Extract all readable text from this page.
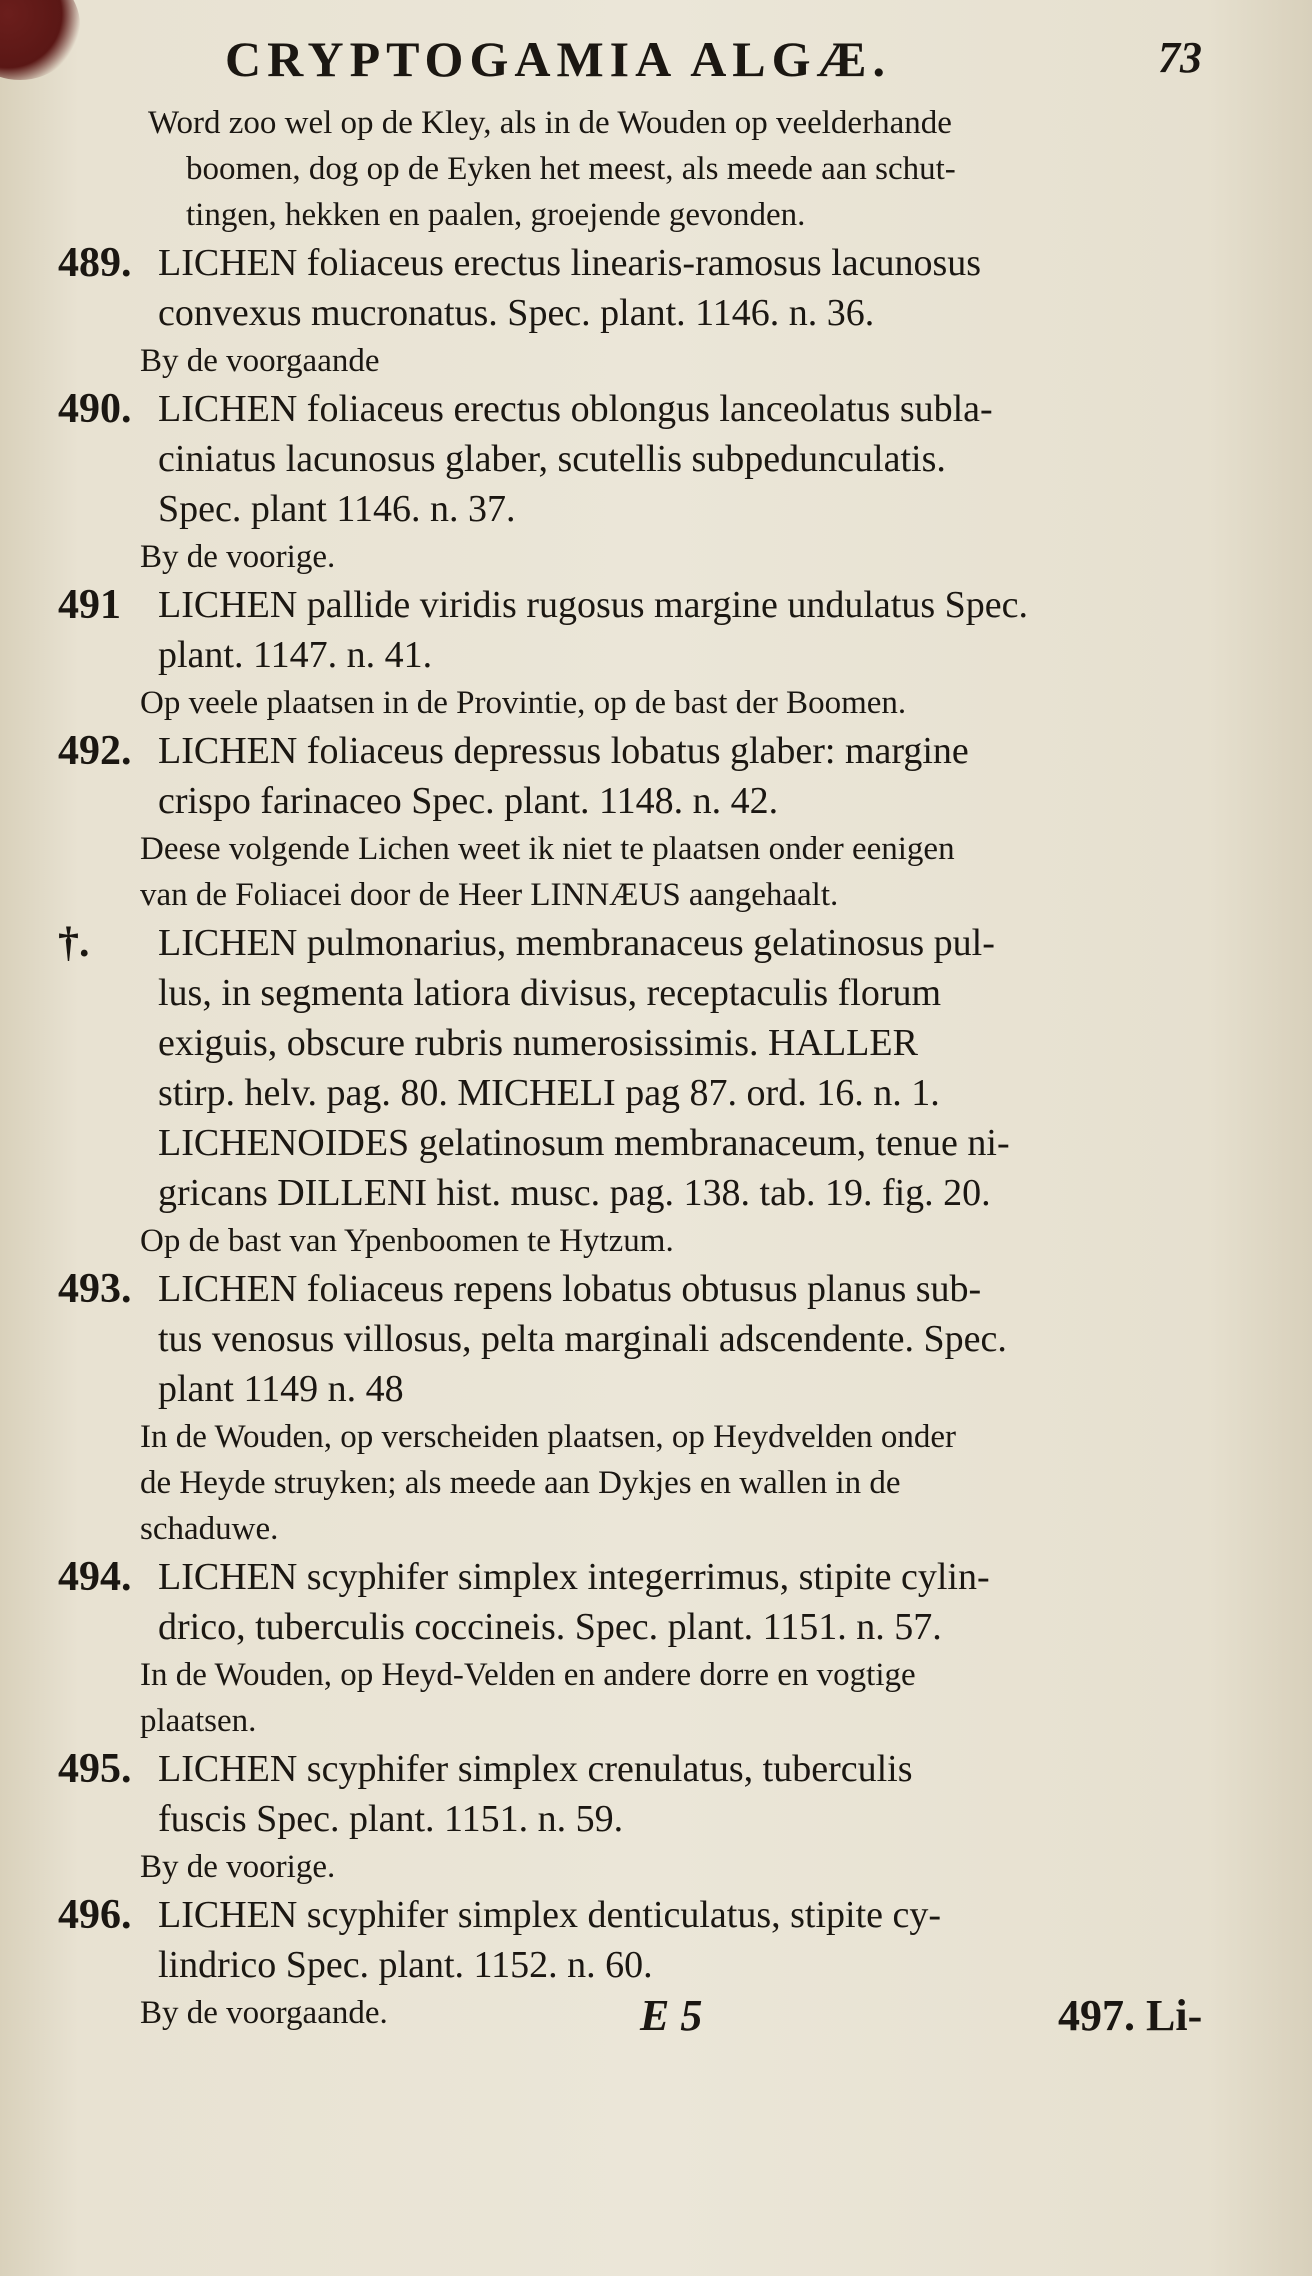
CRYPTOGAMIA ALGÆ.	73
Word zoo wel op de Kley, als in de Wouden op veelderhande
boomen, dog op de Eyken het meest, als meede aan schut-
tingen, hekken en paalen, groejende gevonden.
489. LICHEN foliaceus erectus linearis-ramosus lacunosus
convexus mucronatus. Spec. plant. 1146. n. 36.
By de voorgaande
490. LICHEN foliaceus erectus oblongus lanceolatus subla-
ciniatus lacunosus glaber, scutellis subpedunculatis.
Spec. plant 1146. n. 37.
By de voorige.
491 LICHEN pallide viridis rugosus margine undulatus Spec.
plant. 1147. n. 41.
Op veele plaatsen in de Provintie, op de bast der Boomen.
492. LICHEN foliaceus depressus lobatus glaber: margine
crispo farinaceo Spec. plant. 1148. n. 42.
Deese volgende Lichen weet ik niet te plaatsen onder eenigen
van de Foliacei door de Heer LINNÆUS aangehaalt.
†. LICHEN pulmonarius, membranaceus gelatinosus pul-
lus, in segmenta latiora divisus, receptaculis florum
exiguis, obscure rubris numerosissimis. HALLER
stirp. helv. pag. 80. MICHELI pag 87. ord. 16. n. 1.
LICHENOIDES gelatinosum membranaceum, tenue ni-
gricans DILLENI hist. musc. pag. 138. tab. 19. fig. 20.
Op de bast van Ypenboomen te Hytzum.
493. LICHEN foliaceus repens lobatus obtusus planus sub-
tus venosus villosus, pelta marginali adscendente. Spec.
plant 1149 n. 48
In de Wouden, op verscheiden plaatsen, op Heydvelden onder
de Heyde struyken; als meede aan Dykjes en wallen in de
schaduwe.
494. LICHEN scyphifer simplex integerrimus, stipite cylin-
drico, tuberculis coccineis. Spec. plant. 1151. n. 57.
In de Wouden, op Heyd-Velden en andere dorre en vogtige
plaatsen.
495. LICHEN scyphifer simplex crenulatus, tuberculis
fuscis Spec. plant. 1151. n. 59.
By de voorige.
496. LICHEN scyphifer simplex denticulatus, stipite cy-
lindrico Spec. plant. 1152. n. 60.
By de voorgaande.	E 5	497. Li-
